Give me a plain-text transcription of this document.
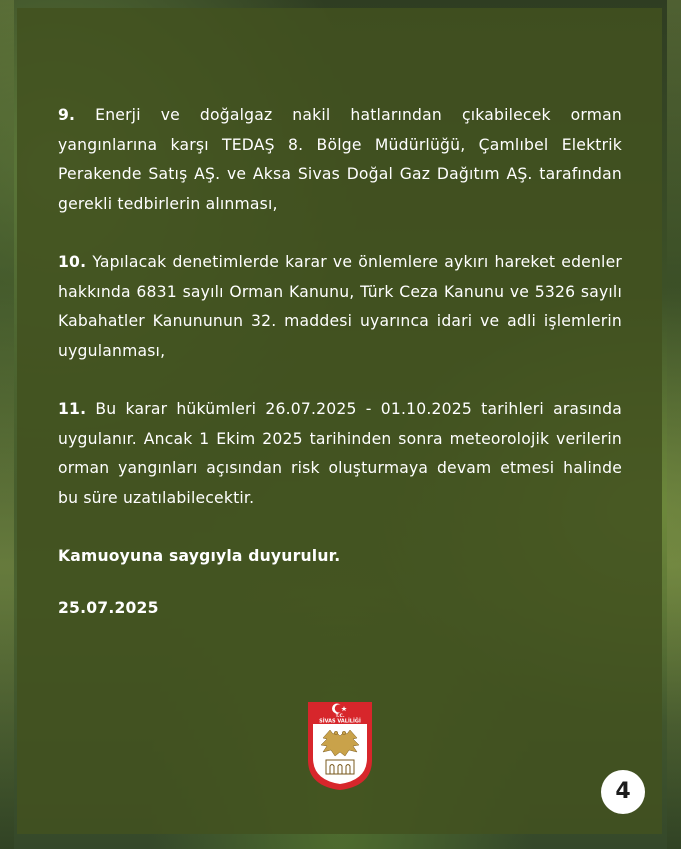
9. Enerji ve doğalgaz nakil hatlarından çıkabilecek orman yangınlarına karşı TEDAŞ 8. Bölge Müdürlüğü, Çamlıbel Elektrik Perakende Satış AŞ. ve Aksa Sivas Doğal Gaz Dağıtım AŞ. tarafından gerekli tedbirlerin alınması,

10. Yapılacak denetimlerde karar ve önlemlere aykırı hareket edenler hakkında 6831 sayılı Orman Kanunu, Türk Ceza Kanunu ve 5326 sayılı Kabahatler Kanununun 32. maddesi uyarınca idari ve adli işlemlerin uygulanması,

11. Bu karar hükümleri 26.07.2025 - 01.10.2025 tarihleri arasında uygulanır. Ancak 1 Ekim 2025 tarihinden sonra meteorolojik verilerin orman yangınları açısından risk oluşturmaya devam etmesi halinde bu süre uzatılabilecektir.

Kamuoyuna saygıyla duyurulur.

25.07.2025

T.C.
SİVAS VALİLİĞİ
4
